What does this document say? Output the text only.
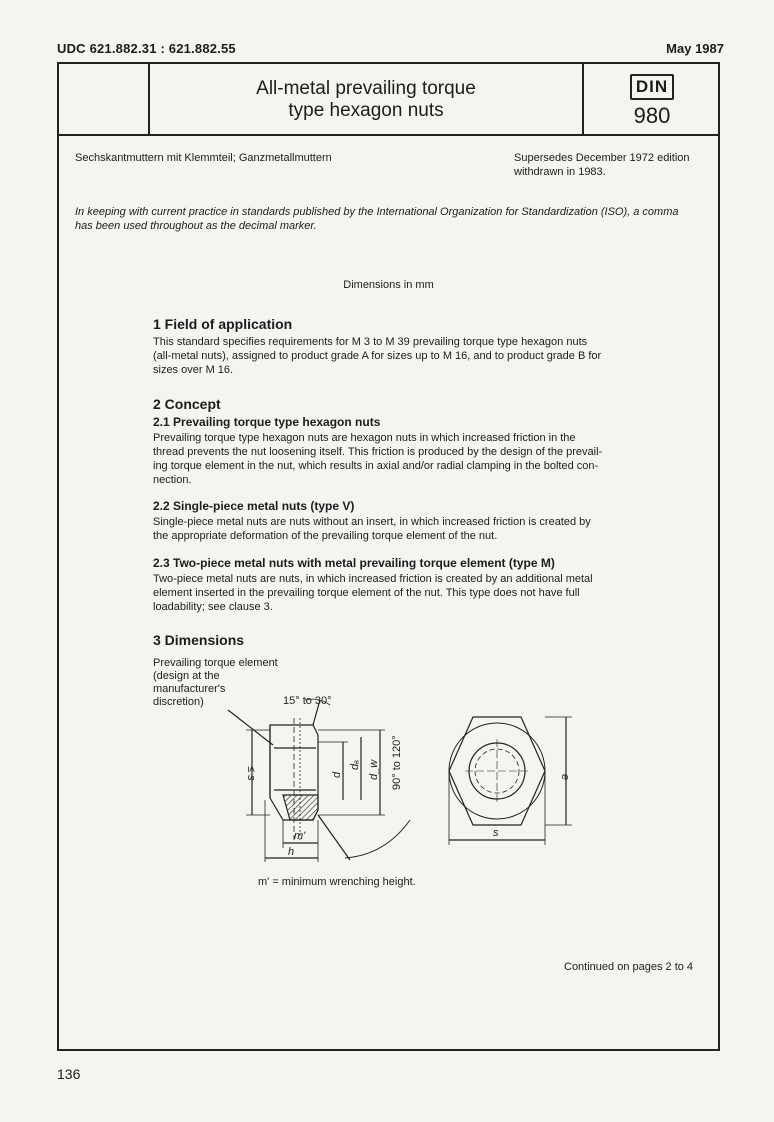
UDC 621.882.31 : 621.882.55	May 1987
All-metal prevailing torque
type hexagon nuts
DIN
980
Sechskantmuttern mit Klemmteil; Ganzmetallmuttern	Supersedes December 1972 edition
withdrawn in 1983.
In keeping with current practice in standards published by the International Organization for Standardization (ISO), a comma
has been used throughout as the decimal marker.
Dimensions in mm
1 Field of application
This standard specifies requirements for M 3 to M 39 prevailing torque type hexagon nuts
(all-metal nuts), assigned to product grade A for sizes up to M 16, and to product grade B for
sizes over M 16.
2 Concept
2.1 Prevailing torque type hexagon nuts
Prevailing torque type hexagon nuts are hexagon nuts in which increased friction in the
thread prevents the nut loosening itself. This friction is produced by the design of the prevail-
ing torque element in the nut, which results in axial and/or radial clamping in the bolted con-
nection.
2.2 Single-piece metal nuts (type V)
Single-piece metal nuts are nuts without an insert, in which increased friction is created by
the appropriate deformation of the prevailing torque element of the nut.
2.3 Two-piece metal nuts with metal prevailing torque element (type M)
Two-piece metal nuts are nuts, in which increased friction is created by an additional metal
element inserted in the prevailing torque element of the nut. This type does not have full
loadability; see clause 3.
3 Dimensions
Prevailing torque element
(design at the
manufacturer's
discretion)	15° to 30°
≤ s	d
dₐ d_w 90° to 120°
m'
h
s
e
m' = minimum wrenching height.
Continued on pages 2 to 4
136
